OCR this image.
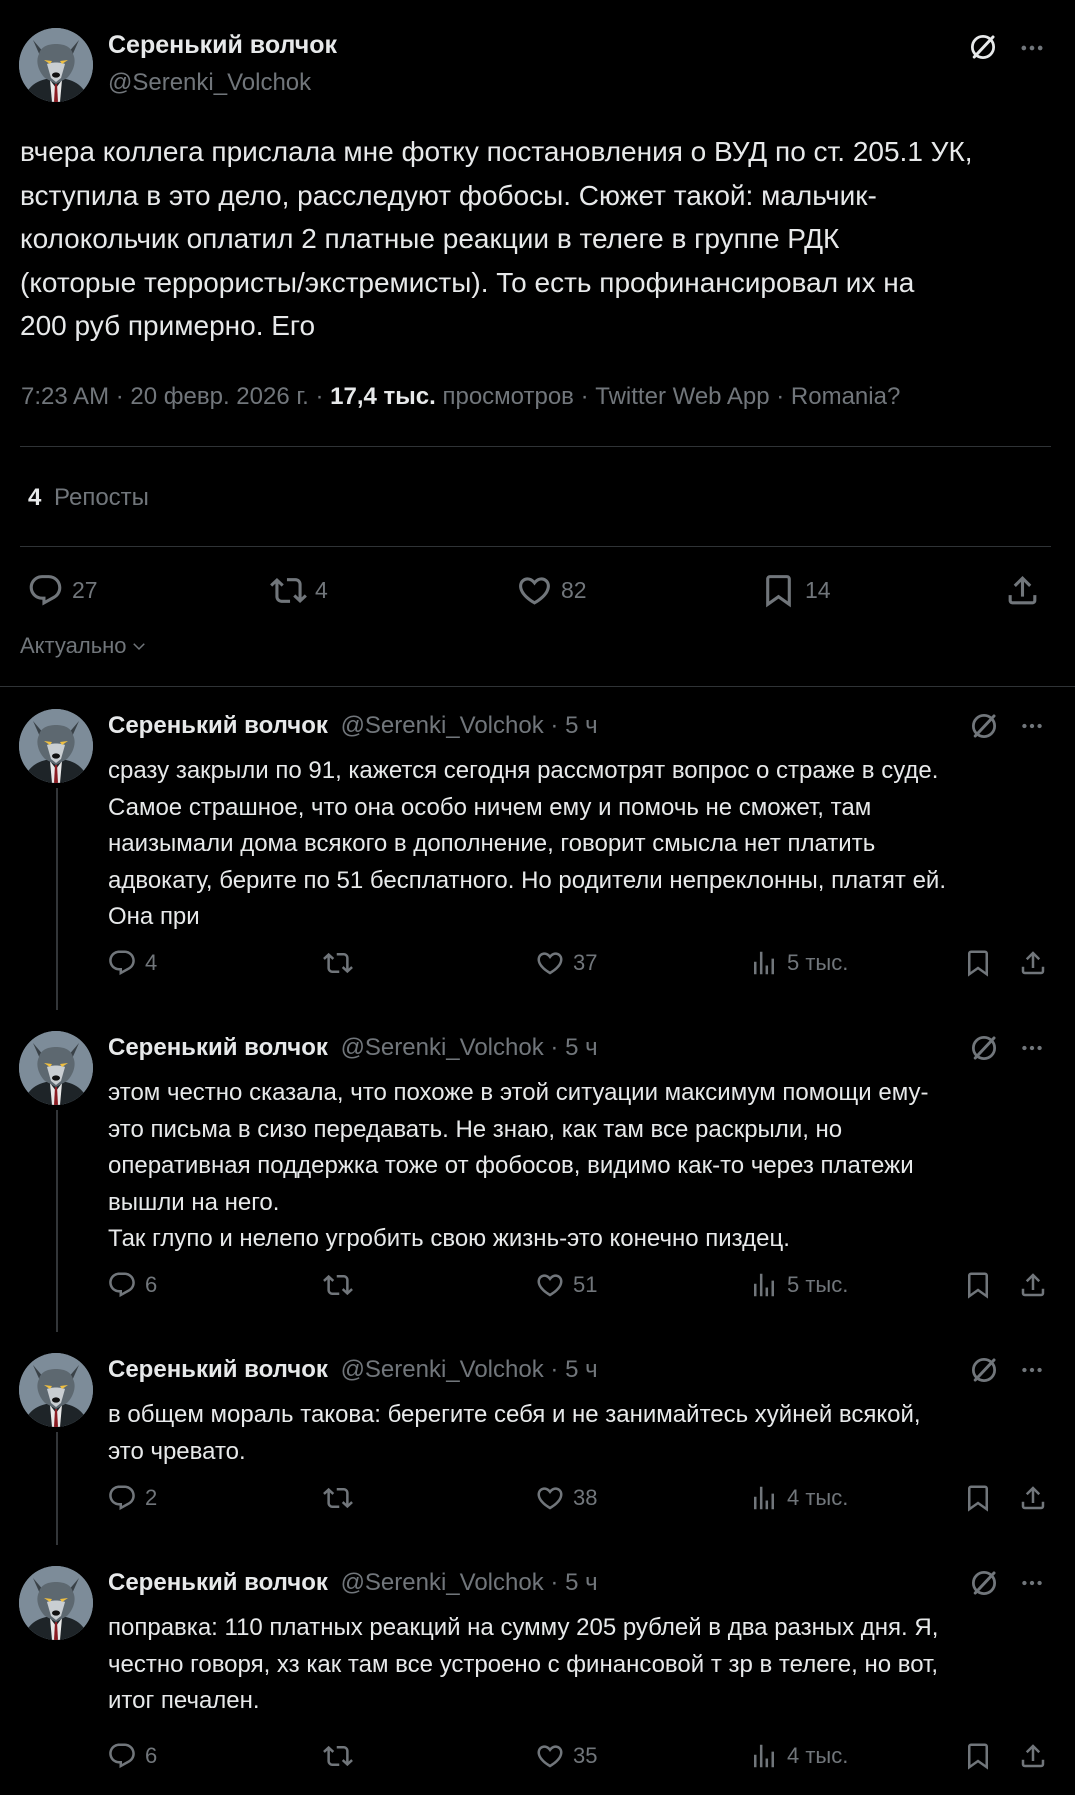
Серенький волчок
@Serenki_Volchok
вчера коллега прислала мне фотку постановления о ВУД по ст. 205.1 УК,
вступила в это дело, расследуют фобосы. Сюжет такой: мальчик-
колокольчик оплатил 2 платные реакции в телеге в группе РДК
(которые террористы/экстремисты). То есть профинансировал их на
200 руб примерно. Его
7:23 AM · 20 февр. 2026 г. · 17,4 тыс. просмотров · Twitter Web App · Romania?
4 Репосты
27	4	82	14
Актуально
Серенький волчок @Serenki_Volchok · 5 ч
сразу закрыли по 91, кажется сегодня рассмотрят вопрос о страже в суде.
Самое страшное, что она особо ничем ему и помочь не сможет, там
наизымали дома всякого в дополнение, говорит смысла нет платить
адвокату, берите по 51 бесплатного. Но родители непреклонны, платят ей.
Она при
4	37	5 тыс.
Серенький волчок @Serenki_Volchok · 5 ч
этом честно сказала, что похоже в этой ситуации максимум помощи ему-
это письма в сизо передавать. Не знаю, как там все раскрыли, но
оперативная поддержка тоже от фобосов, видимо как-то через платежи
вышли на него.
Так глупо и нелепо угробить свою жизнь-это конечно пиздец.
6	51	5 тыс.
Серенький волчок @Serenki_Volchok · 5 ч
в общем мораль такова: берегите себя и не занимайтесь хуйней всякой,
это чревато.
2	38	4 тыс.
Серенький волчок @Serenki_Volchok · 5 ч
поправка: 110 платных реакций на сумму 205 рублей в два разных дня. Я,
честно говоря, хз как там все устроено с финансовой т зр в телеге, но вот,
итог печален.
6	35	4 тыс.
